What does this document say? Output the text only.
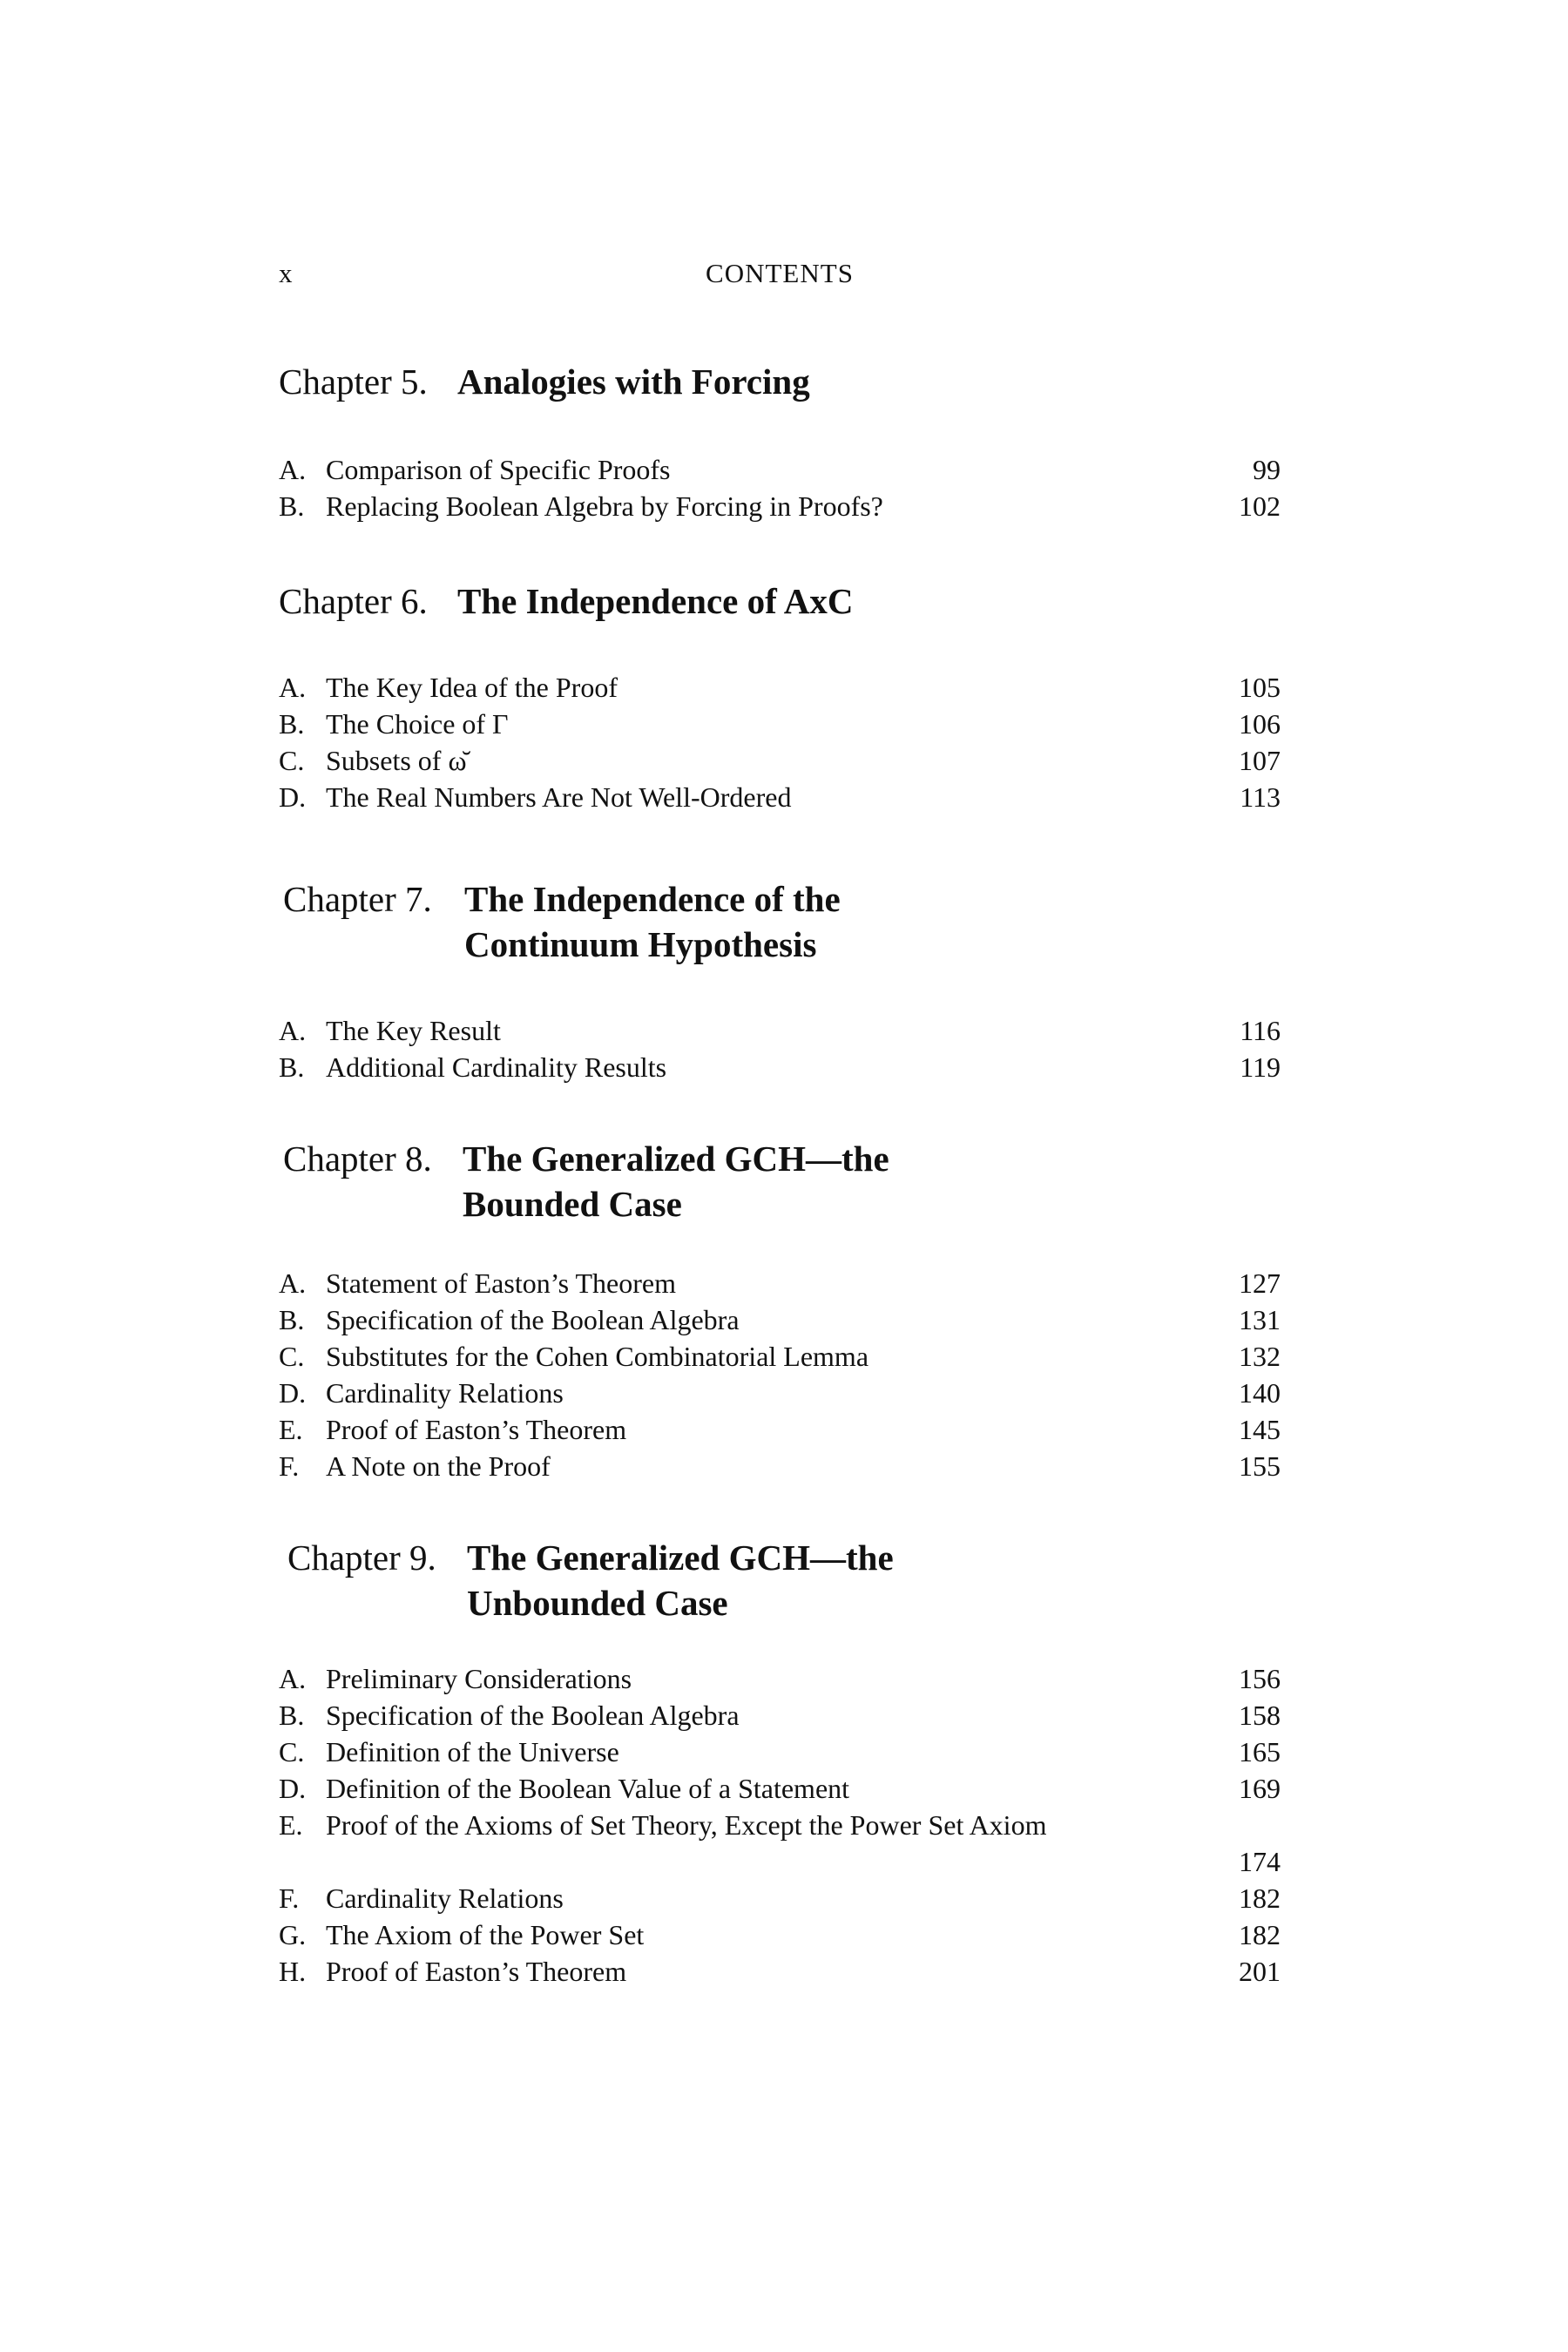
x	CONTENTS
Chapter 5. Analogies with Forcing
A. Comparison of Specific Proofs	99
B. Replacing Boolean Algebra by Forcing in Proofs?	102
Chapter 6. The Independence of AxC
A. The Key Idea of the Proof	105
B. The Choice of Γ	106
C. Subsets of ω̆	107
D. The Real Numbers Are Not Well-Ordered	113
Chapter 7. The Independence of the Continuum Hypothesis
A. The Key Result	116
B. Additional Cardinality Results	119
Chapter 8. The Generalized GCH—the Bounded Case
A. Statement of Easton’s Theorem	127
B. Specification of the Boolean Algebra	131
C. Substitutes for the Cohen Combinatorial Lemma	132
D. Cardinality Relations	140
E. Proof of Easton’s Theorem	145
F. A Note on the Proof	155
Chapter 9. The Generalized GCH—the Unbounded Case
A. Preliminary Considerations	156
B. Specification of the Boolean Algebra	158
C. Definition of the Universe	165
D. Definition of the Boolean Value of a Statement	169
E. Proof of the Axioms of Set Theory, Except the Power Set Axiom
174
F. Cardinality Relations	182
G. The Axiom of the Power Set	182
H. Proof of Easton’s Theorem	201
